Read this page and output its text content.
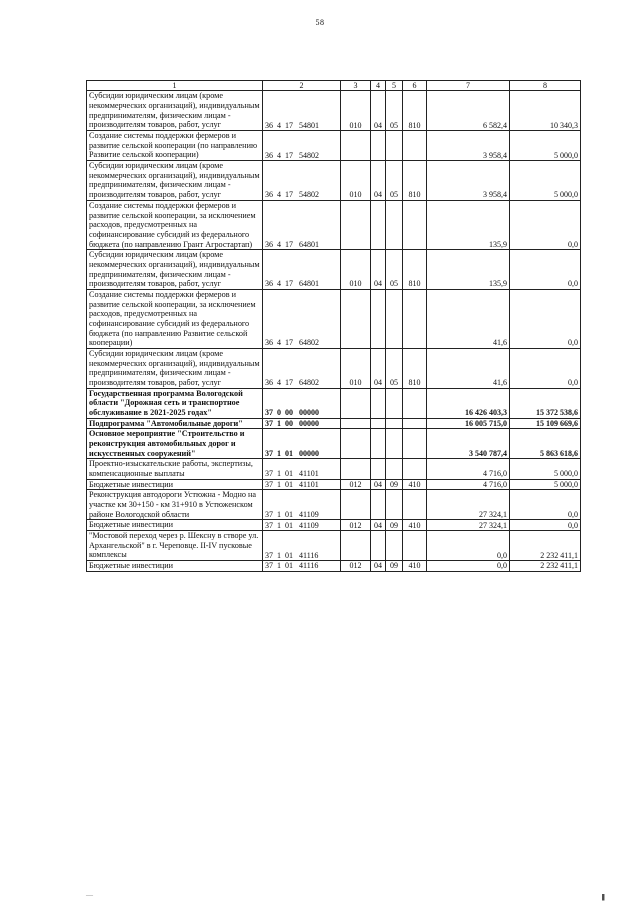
˙
58
1	2	3	4	5	6	7	8
Субсидии юридическим лицам (кроме некоммерческих организаций), индивидуальным предпринимателям, физическим лицам - производителям товаров, работ, услуг	36 4 17 54801	010	04	05	810	6 582,4	10 340,3
Создание системы поддержки фермеров и развитие сельской кооперации (по направлению Развитие сельской кооперации)	36 4 17 54802					3 958,4	5 000,0
Субсидии юридическим лицам (кроме некоммерческих организаций), индивидуальным предпринимателям, физическим лицам - производителям товаров, работ, услуг	36 4 17 54802	010	04	05	810	3 958,4	5 000,0
Создание системы поддержки фермеров и развитие сельской кооперации, за исключением расходов, предусмотренных на софинансирование субсидий из федерального бюджета (по направлению Грант Агростартап)	36 4 17 64801					135,9	0,0
Субсидии юридическим лицам (кроме некоммерческих организаций), индивидуальным предпринимателям, физическим лицам - производителям товаров, работ, услуг	36 4 17 64801	010	04	05	810	135,9	0,0
Создание системы поддержки фермеров и развитие сельской кооперации, за исключением расходов, предусмотренных на софинансирование субсидий из федерального бюджета (по направлению Развитие сельской кооперации)	36 4 17 64802					41,6	0,0
Субсидии юридическим лицам (кроме некоммерческих организаций), индивидуальным предпринимателям, физическим лицам - производителям товаров, работ, услуг	36 4 17 64802	010	04	05	810	41,6	0,0
Государственная программа Вологодской области "Дорожная сеть и транспортное обслуживание в 2021-2025 годах"	37 0 00 00000					16 426 403,3	15 372 538,6
Подпрограмма "Автомобильные дороги"	37 1 00 00000					16 005 715,0	15 109 669,6
Основное мероприятие "Строительство и реконструкция автомобильных дорог и искусственных сооружений"	37 1 01 00000					3 540 787,4	5 863 618,6
Проектно-изыскательские работы, экспертизы, компенсационные выплаты	37 1 01 41101					4 716,0	5 000,0
Бюджетные инвестиции	37 1 01 41101	012	04	09	410	4 716,0	5 000,0
Реконструкция автодороги Устюжна - Модно на участке км 30+150 - км 31+910 в Устюженском районе Вологодской области	37 1 01 41109					27 324,1	0,0
Бюджетные инвестиции	37 1 01 41109	012	04	09	410	27 324,1	0,0
"Мостовой переход через р. Шексну в створе ул. Архангельской" в г. Череповце. II-IV пусковые комплексы	37 1 01 41116					0,0	2 232 411,1
Бюджетные инвестиции	37 1 01 41116	012	04	09	410	0,0	2 232 411,1
—	||||||
